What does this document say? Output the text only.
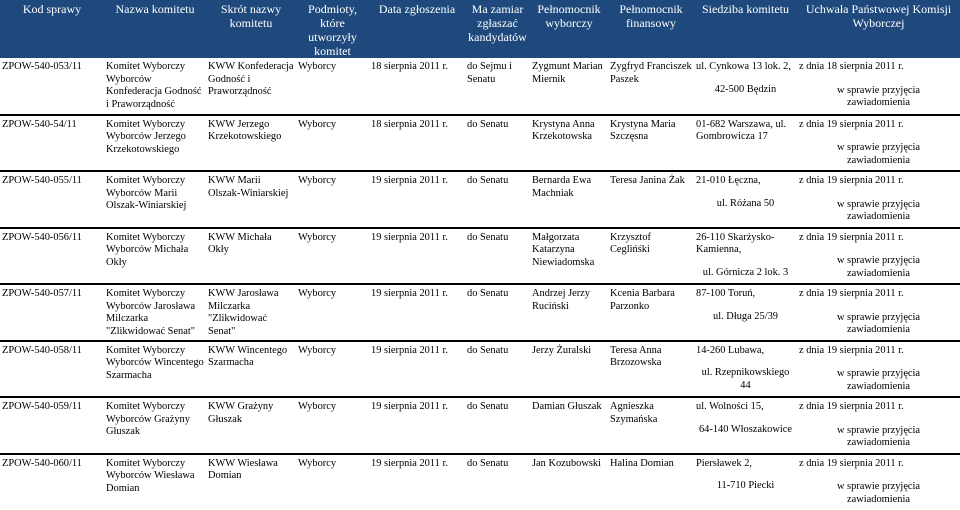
Kod sprawy	Nazwa komitetu	Skrót nazwy komitetu	Podmioty, które utworzyły komitet	Data zgłoszenia	Ma zamiar zgłaszać kandydatów	Pełnomocnik wyborczy	Pełnomocnik finansowy	Siedziba komitetu	Uchwała Państwowej Komisji Wyborczej
ZPOW-540-053/11	Komitet Wyborczy Wyborców Konfederacja Godność i Praworządność	KWW Konfederacja Godność i Praworządność	Wyborcy	18 sierpnia 2011 r.	do Sejmu i Senatu	Zygmunt Marian Miernik	Zygfryd Franciszek Paszek	ul. Cynkowa 13 lok. 2,
42-500 Będzin	z dnia 18 sierpnia 2011 r.
w sprawie przyjęcia
zawiadomienia

ZPOW-540-54/11	Komitet Wyborczy Wyborców Jerzego Krzekotowskiego	KWW Jerzego Krzekotowskiego	Wyborcy	18 sierpnia 2011 r.	do Senatu	Krystyna Anna Krzekotowska	Krystyna Maria Szczęsna	01-682 Warszawa, ul. Gombrowicza 17	z dnia 19 sierpnia 2011 r.
w sprawie przyjęcia
zawiadomienia

ZPOW-540-055/11	Komitet Wyborczy Wyborców Marii Olszak-Winiarskiej	KWW Marii Olszak-Winiarskiej	Wyborcy	19 sierpnia 2011 r.	do Senatu	Bernarda Ewa Machniak	Teresa Janina Żak	21-010 Łęczna,
ul. Różana 50	z dnia 19 sierpnia 2011 r.
w sprawie przyjęcia
zawiadomienia

ZPOW-540-056/11	Komitet Wyborczy Wyborców Michała Okły	KWW Michała Okły	Wyborcy	19 sierpnia 2011 r.	do Senatu	Małgorzata Katarzyna Niewiadomska	Krzysztof Ceglińśki	26-110 Skarżysko-Kamienna,
ul. Górnicza 2 lok. 3	z dnia 19 sierpnia 2011 r.
w sprawie przyjęcia
zawiadomienia

ZPOW-540-057/11	Komitet Wyborczy Wyborców Jarosława Milczarka "Zlikwidować Senat"	KWW Jarosława Milczarka "Zlikwidować Senat"	Wyborcy	19 sierpnia 2011 r.	do Senatu	Andrzej Jerzy Ruciński	Kcenia Barbara Parzonko	87-100 Toruń,
ul. Długa 25/39	z dnia 19 sierpnia 2011 r.
w sprawie przyjęcia
zawiadomienia

ZPOW-540-058/11	Komitet Wyborczy Wyborców Wincentego Szarmacha	KWW Wincentego Szarmacha	Wyborcy	19 sierpnia 2011 r.	do Senatu	Jerzy Żuralski	Teresa Anna Brzozowska	14-260 Lubawa,
ul. Rzepnikowskiego 44	z dnia 19 sierpnia 2011 r.
w sprawie przyjęcia
zawiadomienia

ZPOW-540-059/11	Komitet Wyborczy Wyborców Grażyny Głuszak	KWW Grażyny Głuszak	Wyborcy	19 sierpnia 2011 r.	do Senatu	Damian Głuszak	Agnieszka Szymańska	ul. Wolności 15,
64-140 Włoszakowice	z dnia 19 sierpnia 2011 r.
w sprawie przyjęcia
zawiadomienia

ZPOW-540-060/11	Komitet Wyborczy Wyborców Wiesława Domian	KWW Wiesława Domian	Wyborcy	19 sierpnia 2011 r.	do Senatu	Jan Kozubowski	Halina Domian	Piersławek 2,
11-710 Piecki	z dnia 19 sierpnia 2011 r.
w sprawie przyjęcia
zawiadomienia
